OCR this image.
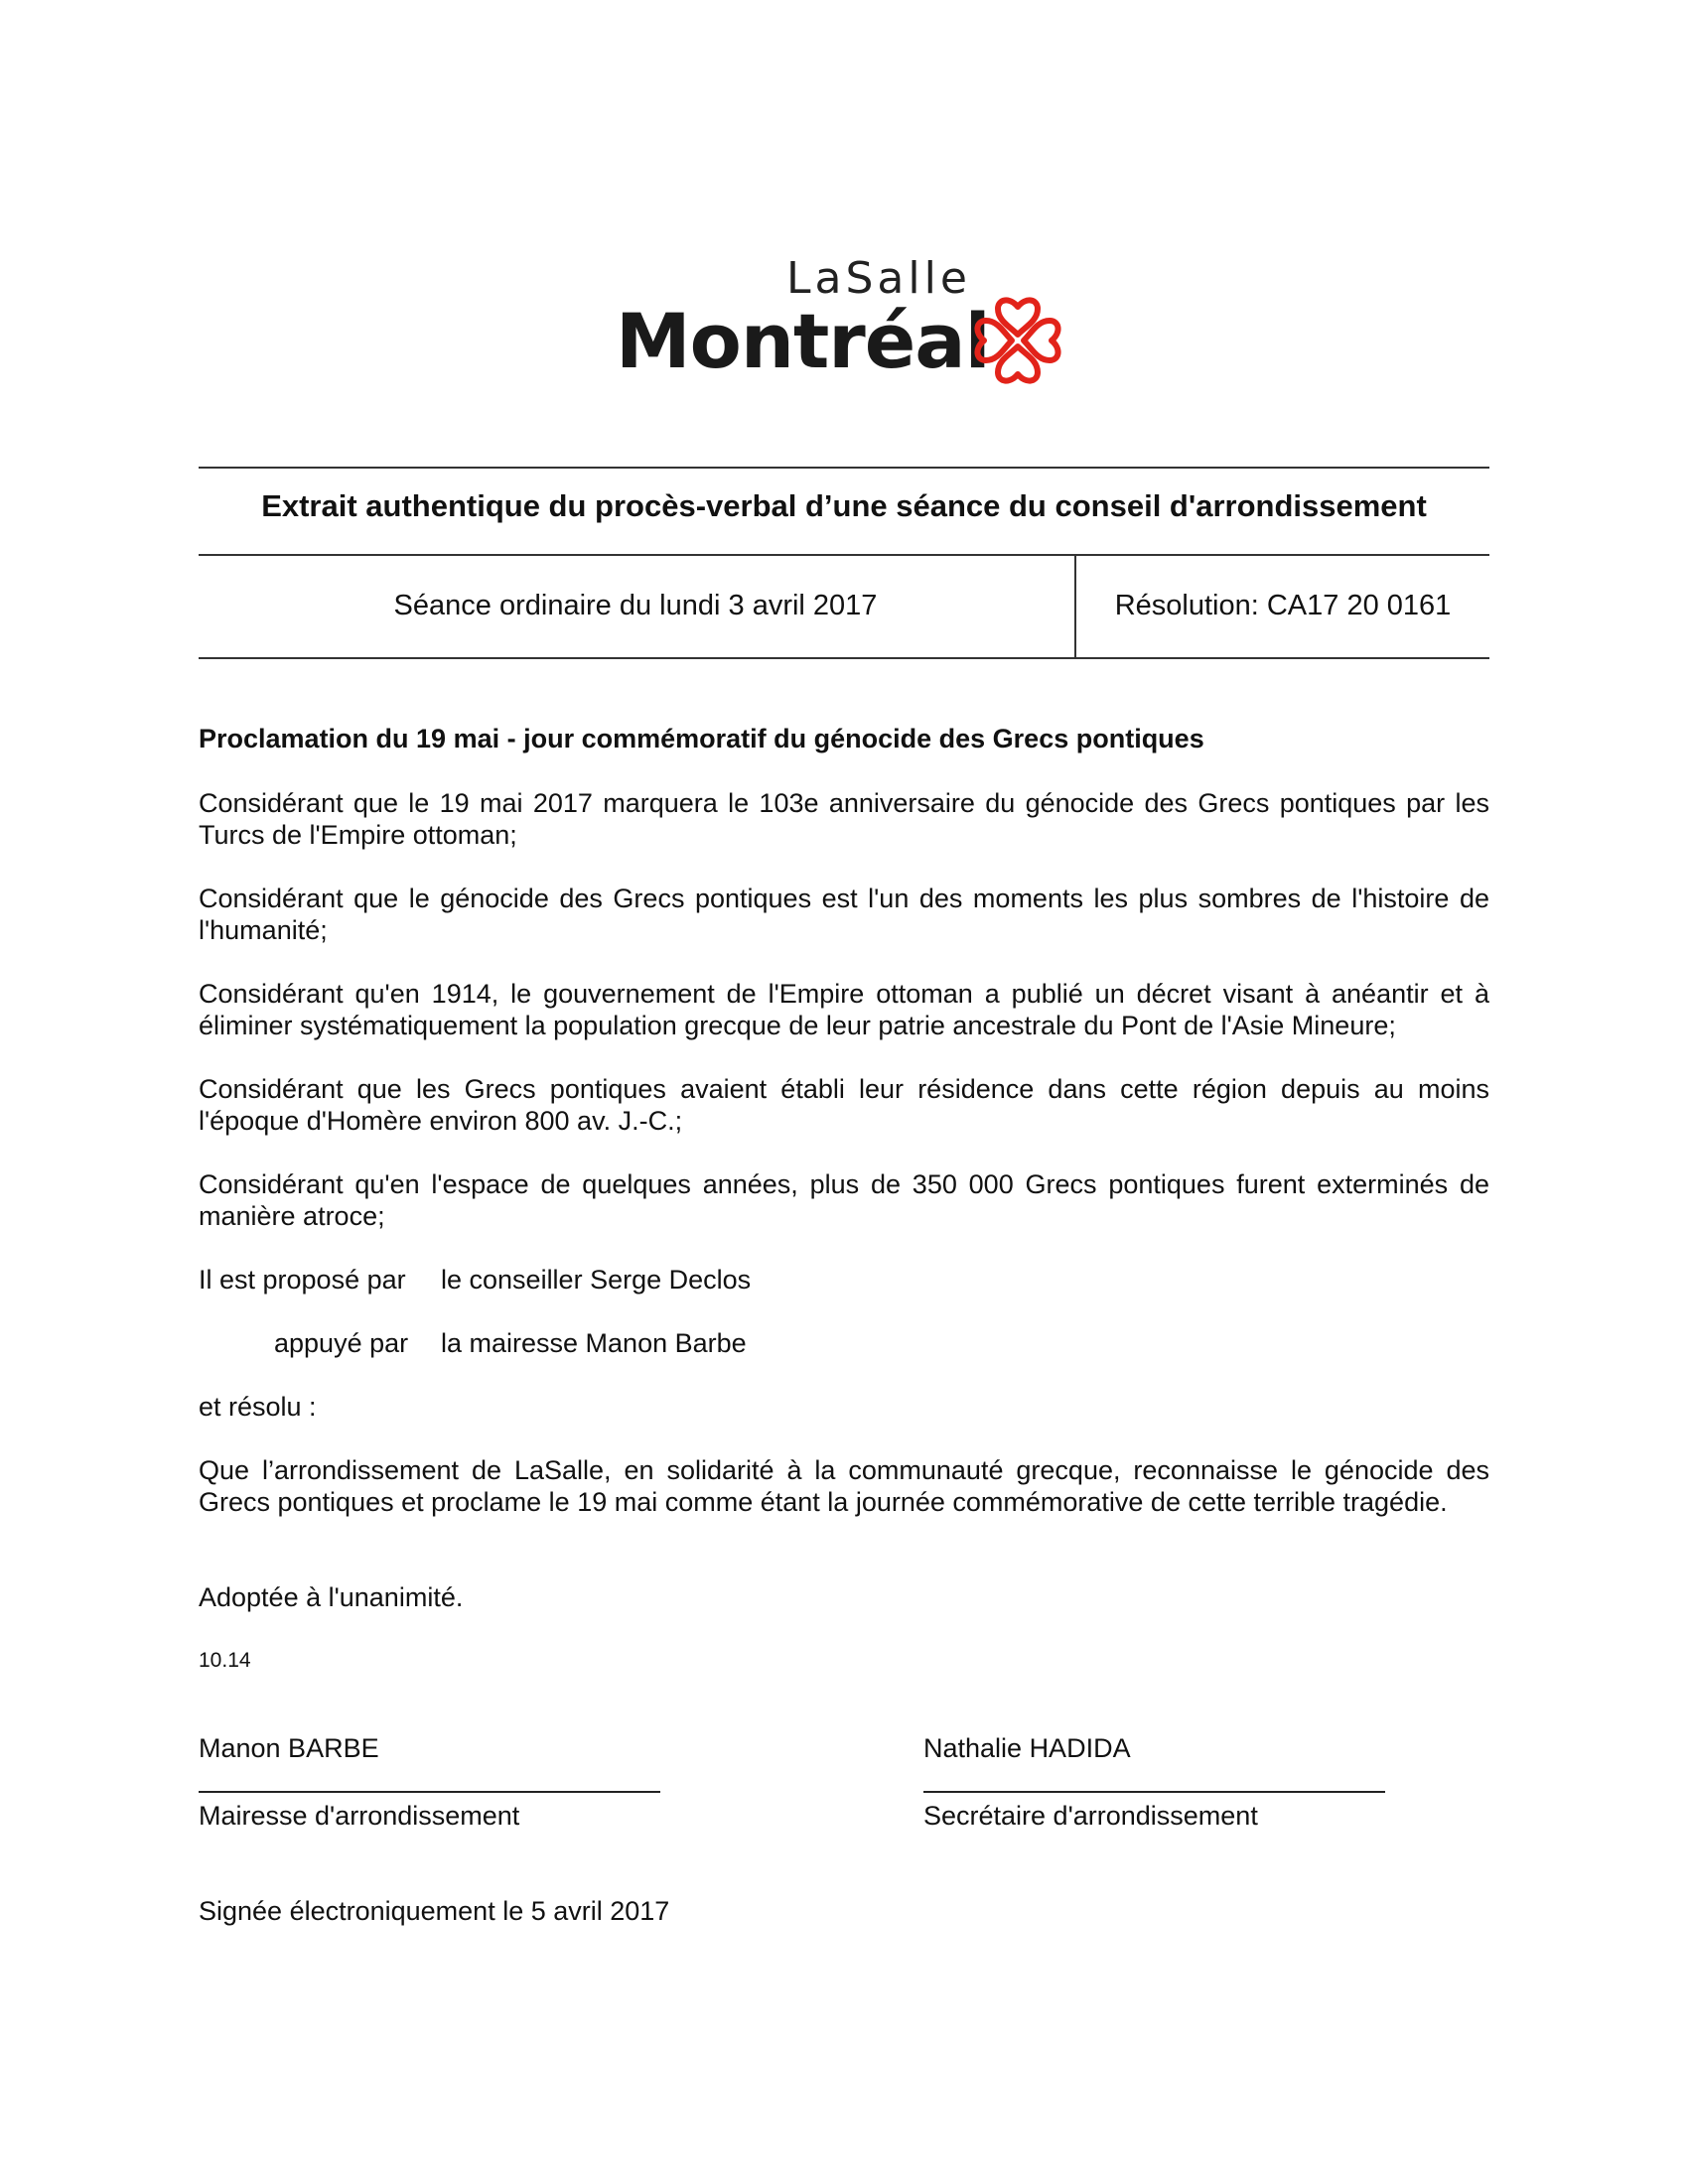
LaSalle
Montréal
Extrait authentique du procès-verbal d’une séance du conseil d'arrondissement
Séance ordinaire du lundi 3 avril 2017	Résolution: CA17 20 0161
Proclamation du 19 mai - jour commémoratif du génocide des Grecs pontiques
Considérant que le 19 mai 2017 marquera le 103e anniversaire du génocide des Grecs pontiques par les Turcs de l'Empire ottoman;
Considérant que le génocide des Grecs pontiques est l'un des moments les plus sombres de l'histoire de l'humanité;
Considérant qu'en 1914, le gouvernement de l'Empire ottoman a publié un décret visant à anéantir et à éliminer systématiquement la population grecque de leur patrie ancestrale du Pont de l'Asie Mineure;
Considérant que les Grecs pontiques avaient établi leur résidence dans cette région depuis au moins l'époque d'Homère environ 800 av. J.-C.;
Considérant qu'en l'espace de quelques années, plus de 350 000 Grecs pontiques furent exterminés de manière atroce;
Il est proposé par le conseiller Serge Declos
appuyé par la mairesse Manon Barbe
et résolu :
Que l’arrondissement de LaSalle, en solidarité à la communauté grecque, reconnaisse le génocide des Grecs pontiques et proclame le 19 mai comme étant la journée commémorative de cette terrible tragédie.
Adoptée à l'unanimité.
10.14
Manon BARBE
Mairesse d'arrondissement
Nathalie HADIDA
Secrétaire d'arrondissement
Signée électroniquement le 5 avril 2017
